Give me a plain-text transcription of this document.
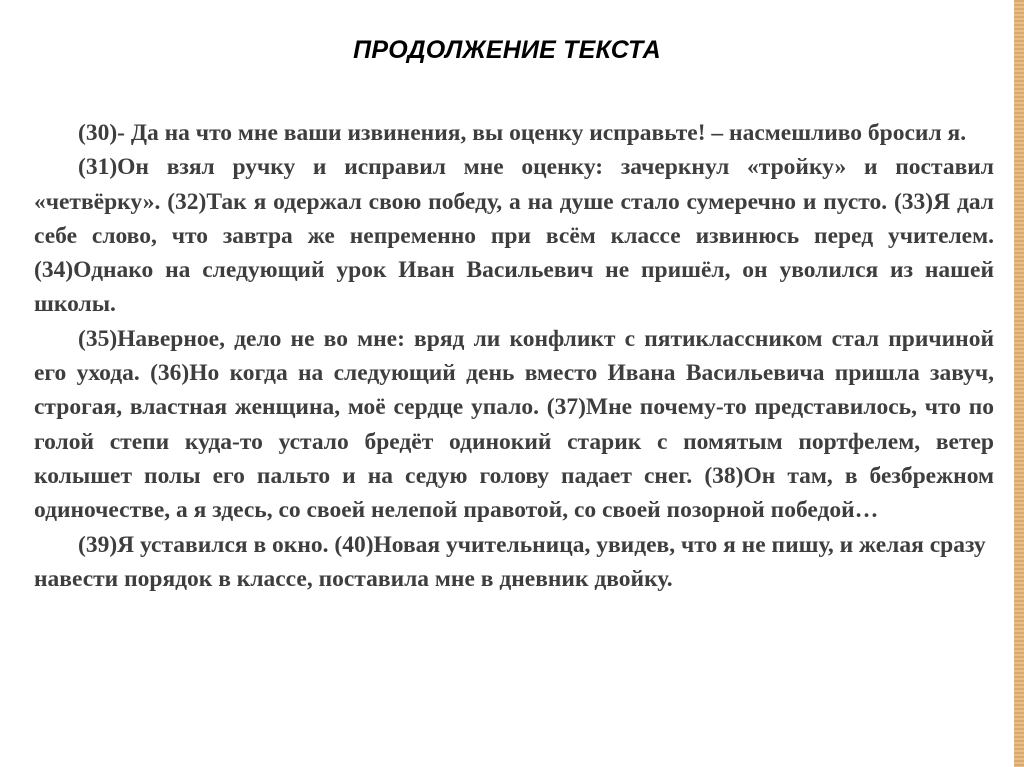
ПРОДОЛЖЕНИЕ ТЕКСТА

(30)- Да на что мне ваши извинения, вы оценку исправьте! – насмешливо бросил я.

(31)Он взял ручку и исправил мне оценку: зачеркнул «тройку» и поставил «четвёрку». (32)Так я одержал свою победу, а на душе стало сумеречно и пусто. (33)Я дал себе слово, что завтра же непременно при всём классе извинюсь перед учителем. (34)Однако на следующий урок Иван Васильевич не пришёл, он уволился из нашей школы.

(35)Наверное, дело не во мне: вряд ли конфликт с пятиклассником стал причиной его ухода. (36)Но когда на следующий день вместо Ивана Васильевича пришла завуч, строгая, властная женщина, моё сердце упало. (37)Мне почему-то представилось, что по голой степи куда-то устало бредёт одинокий старик с помятым портфелем, ветер колышет полы его пальто и на седую голову падает снег. (38)Он там, в безбрежном одиночестве, а я здесь, со своей нелепой правотой, со своей позорной победой…

(39)Я уставился в окно. (40)Новая учительница, увидев, что я не пишу, и желая сразу навести порядок в классе, поставила мне в дневник двойку.
